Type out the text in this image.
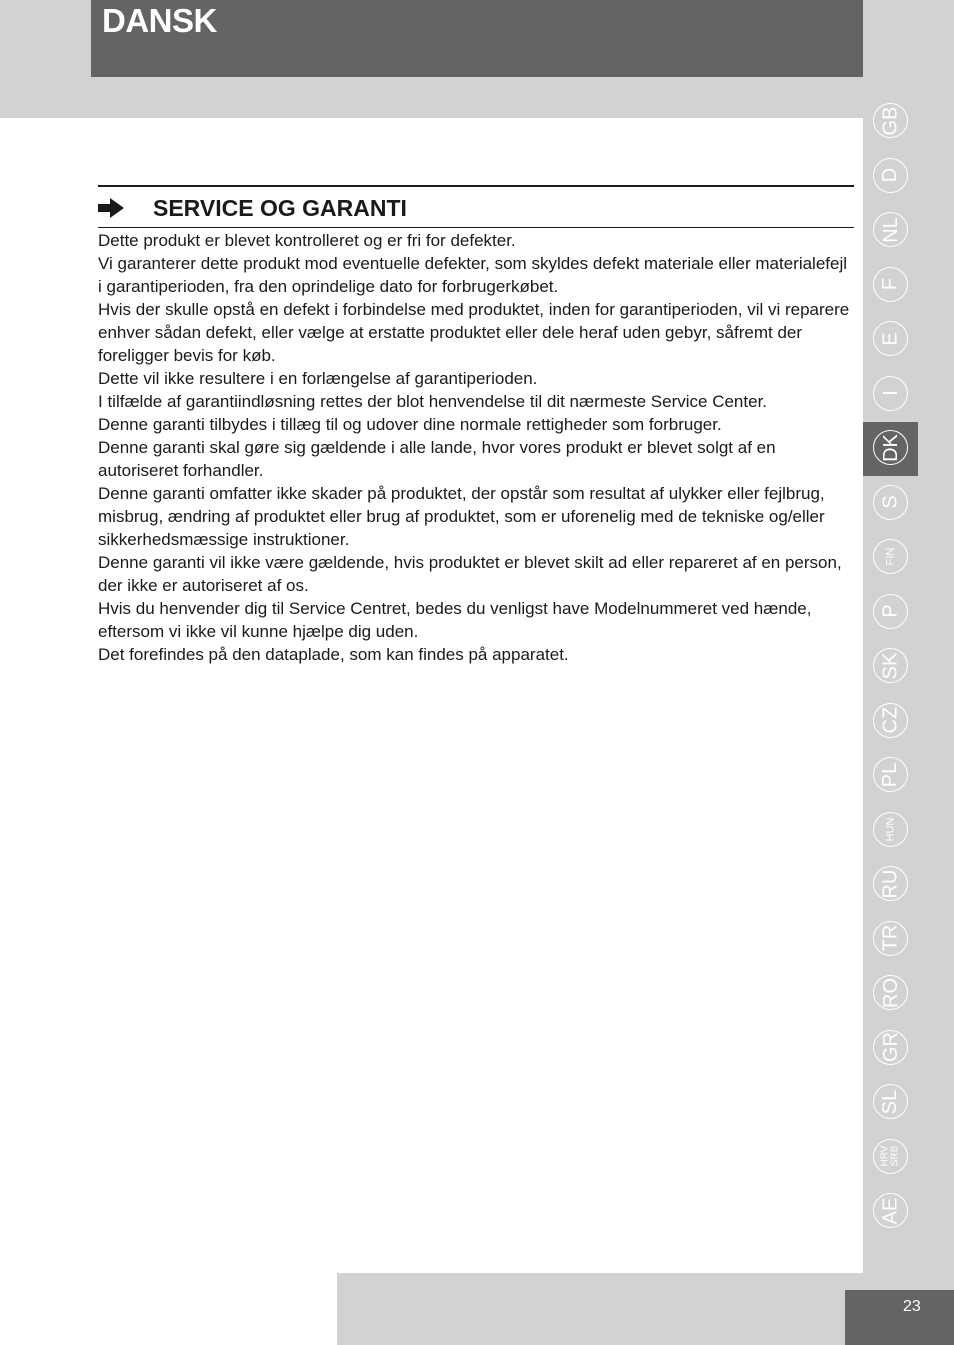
DANSK
SERVICE OG GARANTI

Dette produkt er blevet kontrolleret og er fri for defekter.

Vi garanterer dette produkt mod eventuelle defekter, som skyldes defekt materiale eller materialefejl i garantiperioden, fra den oprindelige dato for forbrugerkøbet.

Hvis der skulle opstå en defekt i forbindelse med produktet, inden for garantiperioden, vil vi reparere enhver sådan defekt, eller vælge at erstatte produktet eller dele heraf uden gebyr, såfremt der foreligger bevis for køb.

Dette vil ikke resultere i en forlængelse af garantiperioden.

I tilfælde af garantiindløsning rettes der blot henvendelse til dit nærmeste Service Center.

Denne garanti tilbydes i tillæg til og udover dine normale rettigheder som forbruger.

Denne garanti skal gøre sig gældende i alle lande, hvor vores produkt er blevet solgt af en autoriseret forhandler.

Denne garanti omfatter ikke skader på produktet, der opstår som resultat af ulykker eller fejlbrug, misbrug, ændring af produktet eller brug af produktet, som er uforenelig med de tekniske og/eller sikkerhedsmæssige instruktioner.

Denne garanti vil ikke være gældende, hvis produktet er blevet skilt ad eller repareret af en person, der ikke er autoriseret af os.

Hvis du henvender dig til Service Centret, bedes du venligst have Modelnummeret ved hænde, eftersom vi ikke vil kunne hjælpe dig uden.

Det forefindes på den dataplade, som kan findes på apparatet.

GB
D
NL
F
E
I
DK
S
FIN
P
SK
CZ
PL
HUN
RU
TR
RO
GR
SL
HRV SRB
AE
23
